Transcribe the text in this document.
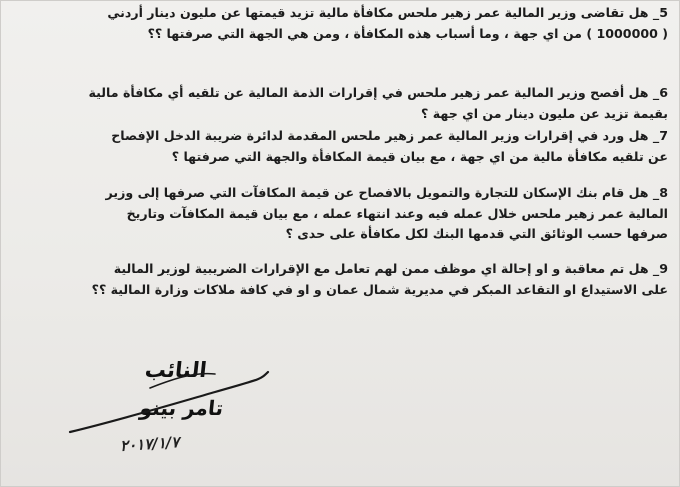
5_ هل تقاضى وزير المالية عمر زهير ملحس مكافأة مالية تزيد قيمتها عن مليون دينار أردني
( 1000000 ) من اي جهة ، وما أسباب هذه المكافأة ، ومن هي الجهة التي صرفتها ؟؟
6_ هل أفصح وزير المالية عمر زهير ملحس في إقرارات الذمة المالية عن تلقيه أي مكافأة مالية
بقيمة تزيد عن مليون دينار من اي جهة ؟
7_ هل ورد في إقرارات وزير المالية عمر زهير ملحس المقدمة لدائرة ضريبة الدخل الإفصاح
عن تلقيه مكافأة مالية من اي جهة ، مع بيان قيمة المكافأة والجهة التي صرفتها ؟
8_ هل قام بنك الإسكان للتجارة والتمويل بالافصاح عن قيمة المكافآت التي صرفها إلى وزير
المالية عمر زهير ملحس خلال عمله فيه وعند انتهاء عمله ، مع بيان قيمة المكافآت وتاريخ
صرفها حسب الوثائق التي قدمها البنك لكل مكافأة على حدى ؟
9_ هل تم معاقبة و او إحالة اي موظف ممن لهم تعامل مع الإقرارات الضريبية لوزير المالية
على الاستيداع او التقاعد المبكر في مديرية شمال عمان و او في كافة ملاكات وزارة المالية ؟؟
النائب
تامر بينو
٢٠١٧/١/٧
